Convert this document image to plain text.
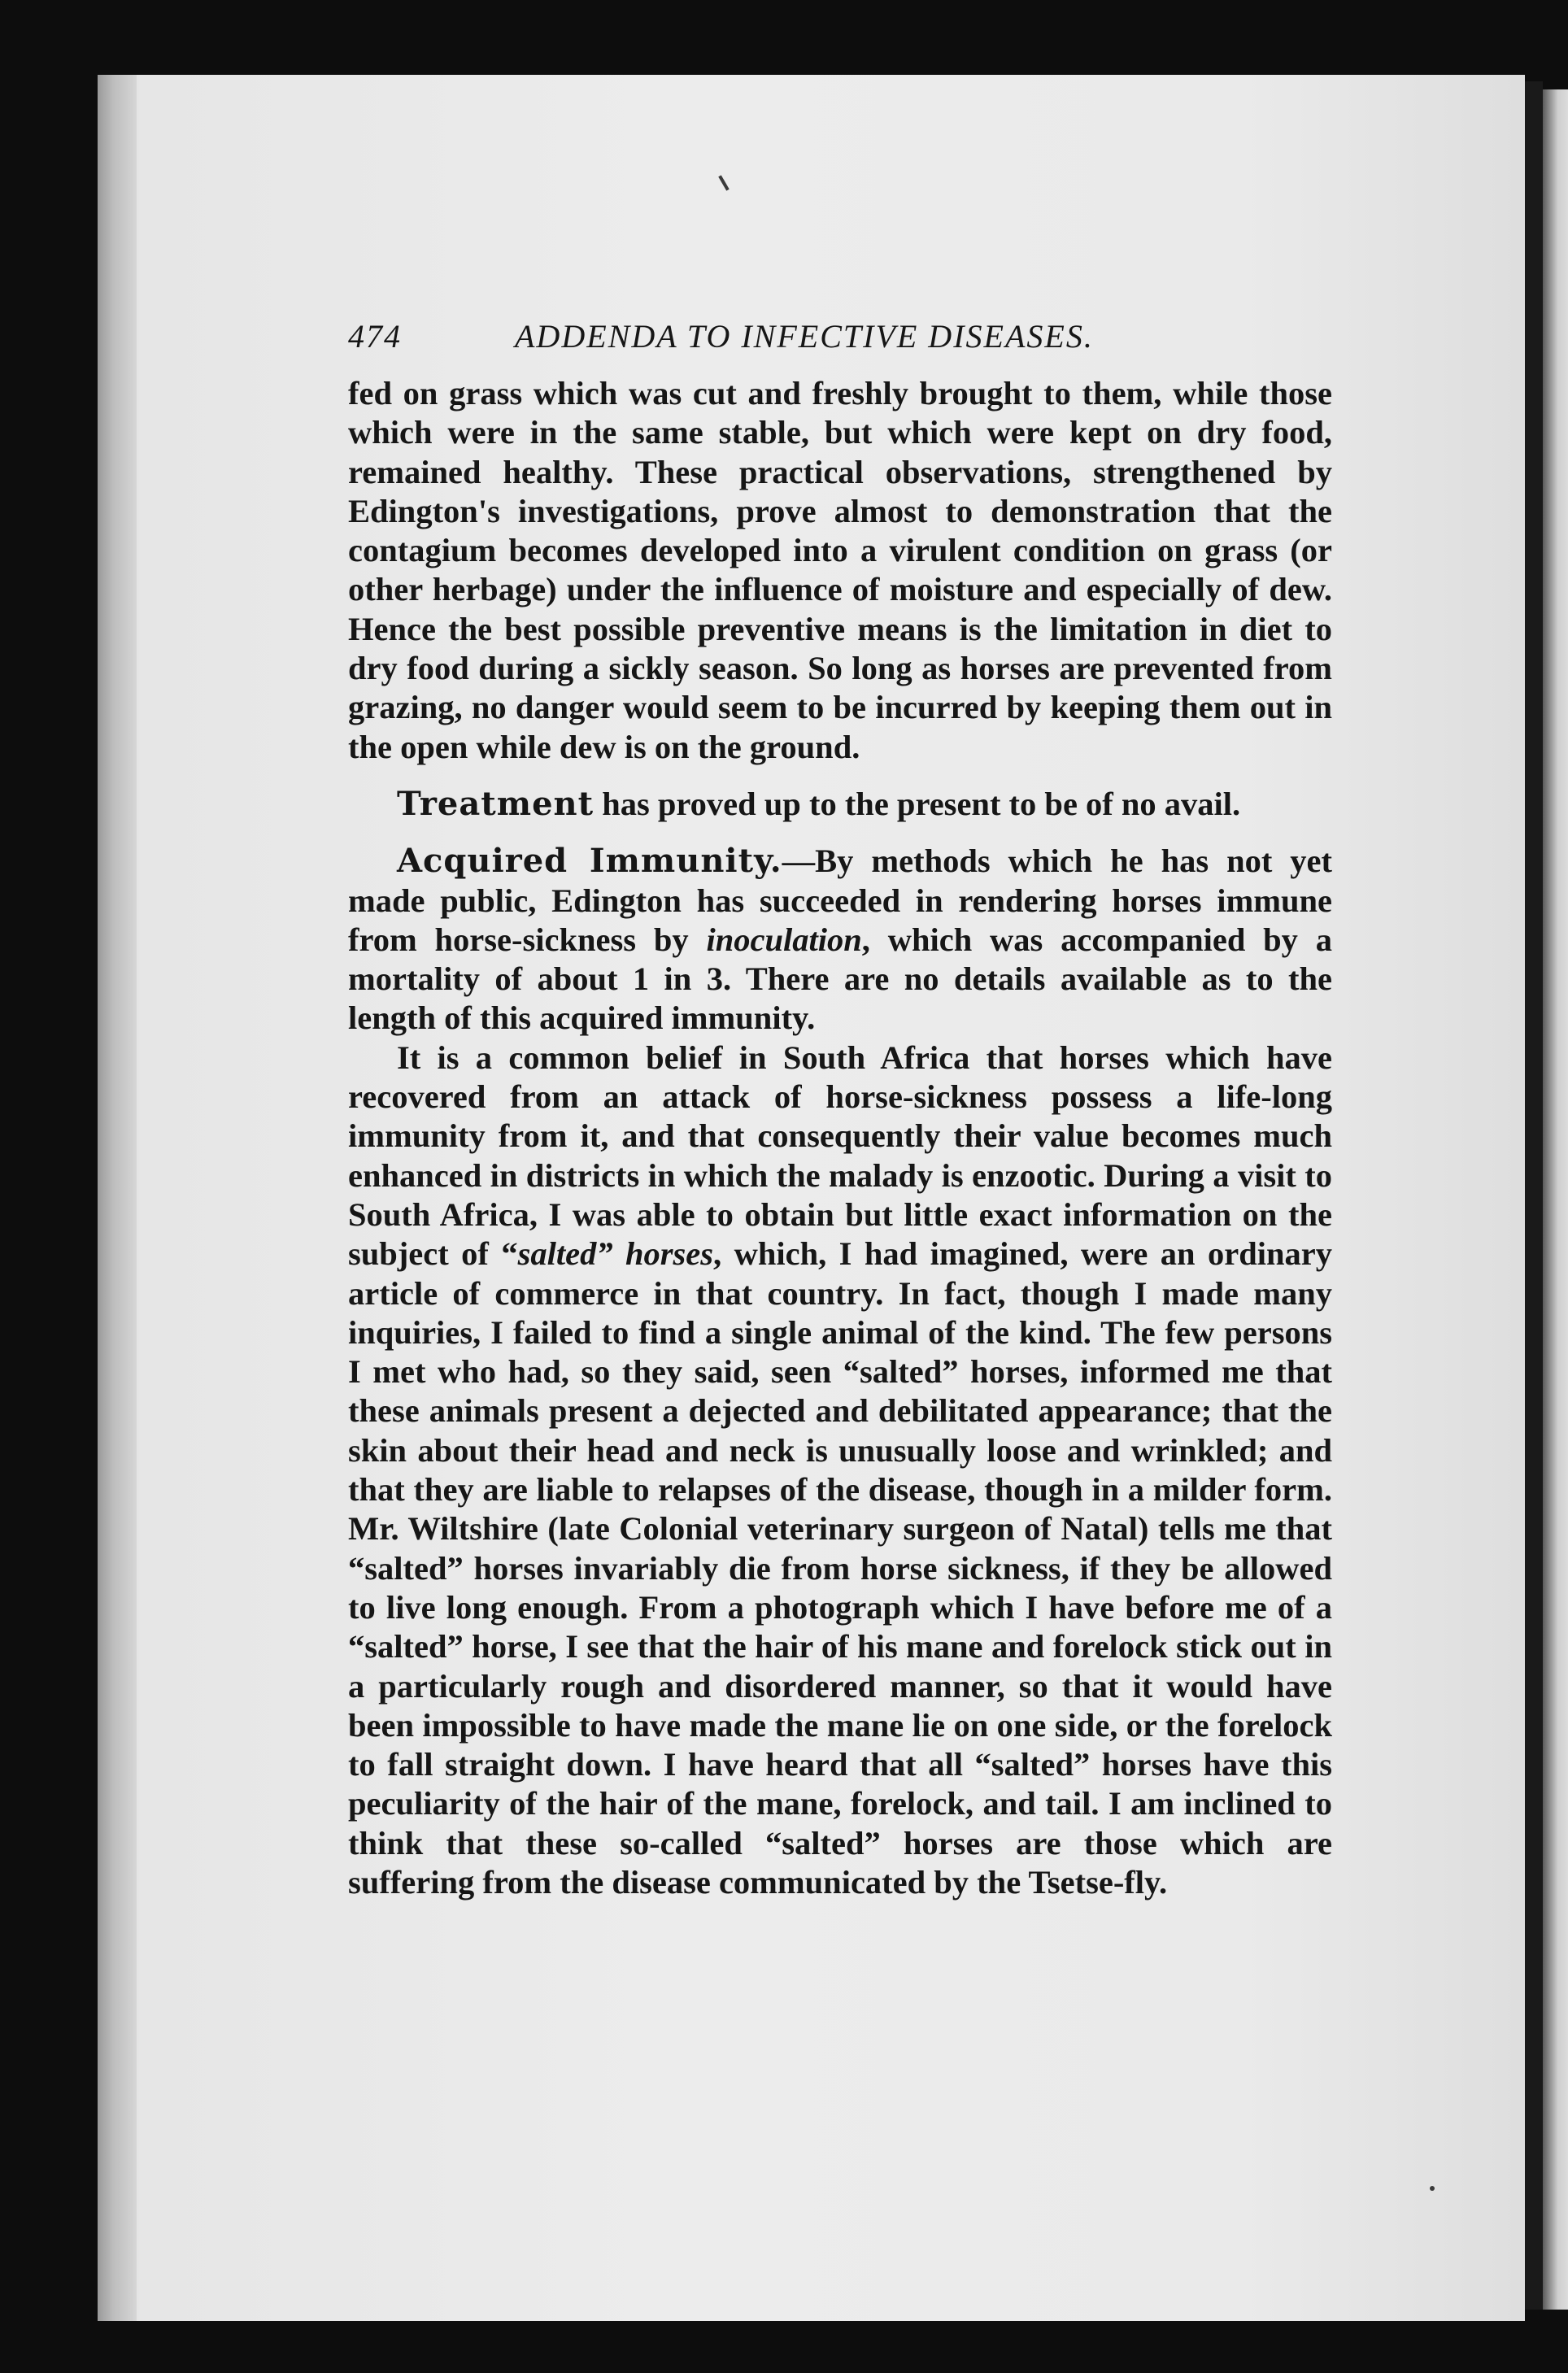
474	ADDENDA TO INFECTIVE DISEASES.

fed on grass which was cut and freshly brought to them, while those which were in the same stable, but which were kept on dry food, remained healthy. These practical observations, strengthened by Edington's investigations, prove almost to demonstration that the contagium becomes developed into a virulent condition on grass (or other herbage) under the influence of moisture and especially of dew. Hence the best possible preventive means is the limitation in diet to dry food during a sickly season. So long as horses are prevented from grazing, no danger would seem to be incurred by keeping them out in the open while dew is on the ground.

Treatment has proved up to the present to be of no avail.

Acquired Immunity.—By methods which he has not yet made public, Edington has succeeded in rendering horses immune from horse-sickness by inoculation, which was accompanied by a mortality of about 1 in 3. There are no details available as to the length of this acquired immunity.

It is a common belief in South Africa that horses which have recovered from an attack of horse-sickness possess a life-long immunity from it, and that consequently their value becomes much enhanced in districts in which the malady is enzootic. During a visit to South Africa, I was able to obtain but little exact information on the subject of “salted” horses, which, I had imagined, were an ordinary article of commerce in that country. In fact, though I made many inquiries, I failed to find a single animal of the kind. The few persons I met who had, so they said, seen “salted” horses, informed me that these animals present a dejected and debilitated appearance; that the skin about their head and neck is unusually loose and wrinkled; and that they are liable to relapses of the disease, though in a milder form. Mr. Wiltshire (late Colonial veterinary surgeon of Natal) tells me that “salted” horses invariably die from horse sickness, if they be allowed to live long enough. From a photograph which I have before me of a “salted” horse, I see that the hair of his mane and forelock stick out in a particularly rough and disordered manner, so that it would have been impossible to have made the mane lie on one side, or the forelock to fall straight down. I have heard that all “salted” horses have this peculiarity of the hair of the mane, forelock, and tail. I am inclined to think that these so-called “salted” horses are those which are suffering from the disease communicated by the Tsetse-fly.
